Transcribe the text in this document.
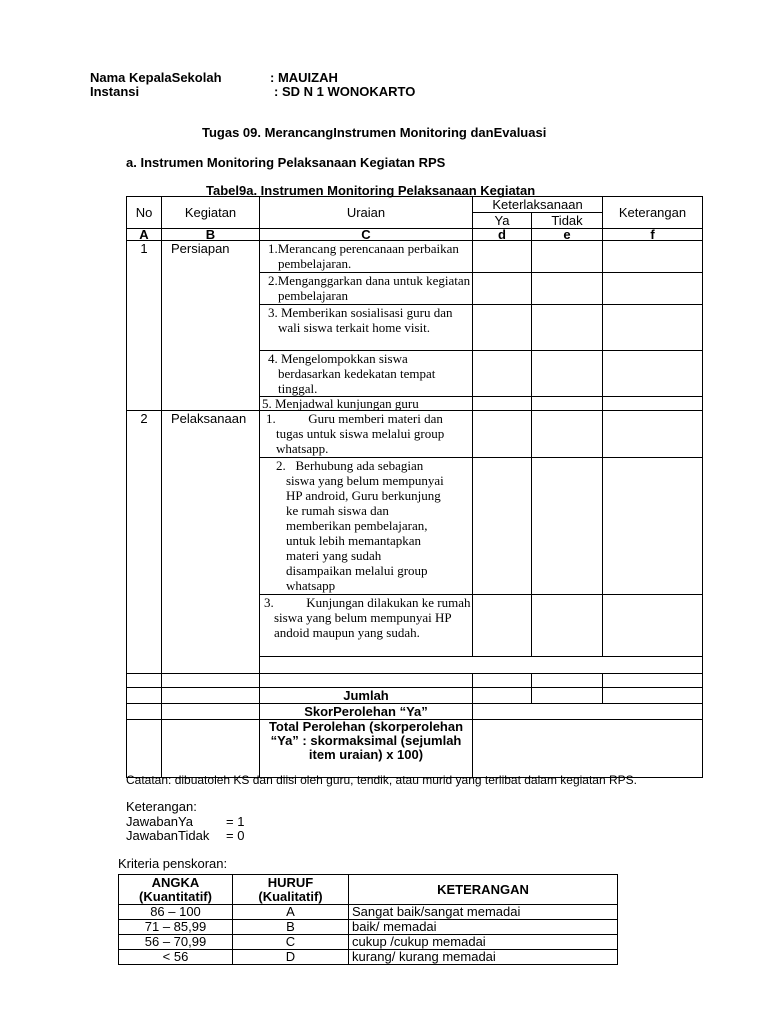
Nama KepalaSekolah	: MAUIZAH
Instansi	: SD N 1 WONOKARTO
Tugas 09. MerancangInstrumen Monitoring danEvaluasi
a. Instrumen Monitoring Pelaksanaan Kegiatan RPS
Tabel9a. Instrumen Monitoring Pelaksanaan Kegiatan
No	Kegiatan	Uraian	Keterlaksanaan		Keterangan
			Ya	Tidak	
A	B	C	d	e	f
1	Persiapan	1.Merancang perencanaan perbaikan pembelajaran.			
		2.Menganggarkan dana untuk kegiatan pembelajaran			
		3. Memberikan sosialisasi guru dan wali siswa terkait home visit.			
		4. Mengelompokkan siswa berdasarkan kedekatan tempat tinggal.			
		5. Menjadwal kunjungan guru			
2	Pelaksanaan	1.          Guru memberi materi dan tugas untuk siswa melalui group whatsapp.			
		2.   Berhubung ada sebagian siswa yang belum mempunyai HP android, Guru berkunjung ke rumah siswa dan memberikan pembelajaran, untuk lebih memantapkan materi yang sudah disampaikan melalui group whatsapp			
		3.          Kunjungan dilakukan ke rumah siswa yang belum mempunyai HP andoid maupun yang sudah.			

		Jumlah			
		SkorPerolehan “Ya”			
		Total Perolehan (skorperolehan “Ya” : skormaksimal (sejumlah item uraian) x 100)			
Catatan: dibuatoleh KS dan diisi oleh guru, tendik, atau murid yang terlibat dalam kegiatan RPS.
Keterangan:
JawabanYa	= 1
JawabanTidak = 0
Kriteria penskoran:
ANGKA (Kuantitatif)	HURUF (Kualitatif)	KETERANGAN
86 – 100	A	Sangat baik/sangat memadai
71 – 85,99	B	baik/ memadai
56 – 70,99	C	cukup /cukup memadai
< 56	D	kurang/ kurang memadai
